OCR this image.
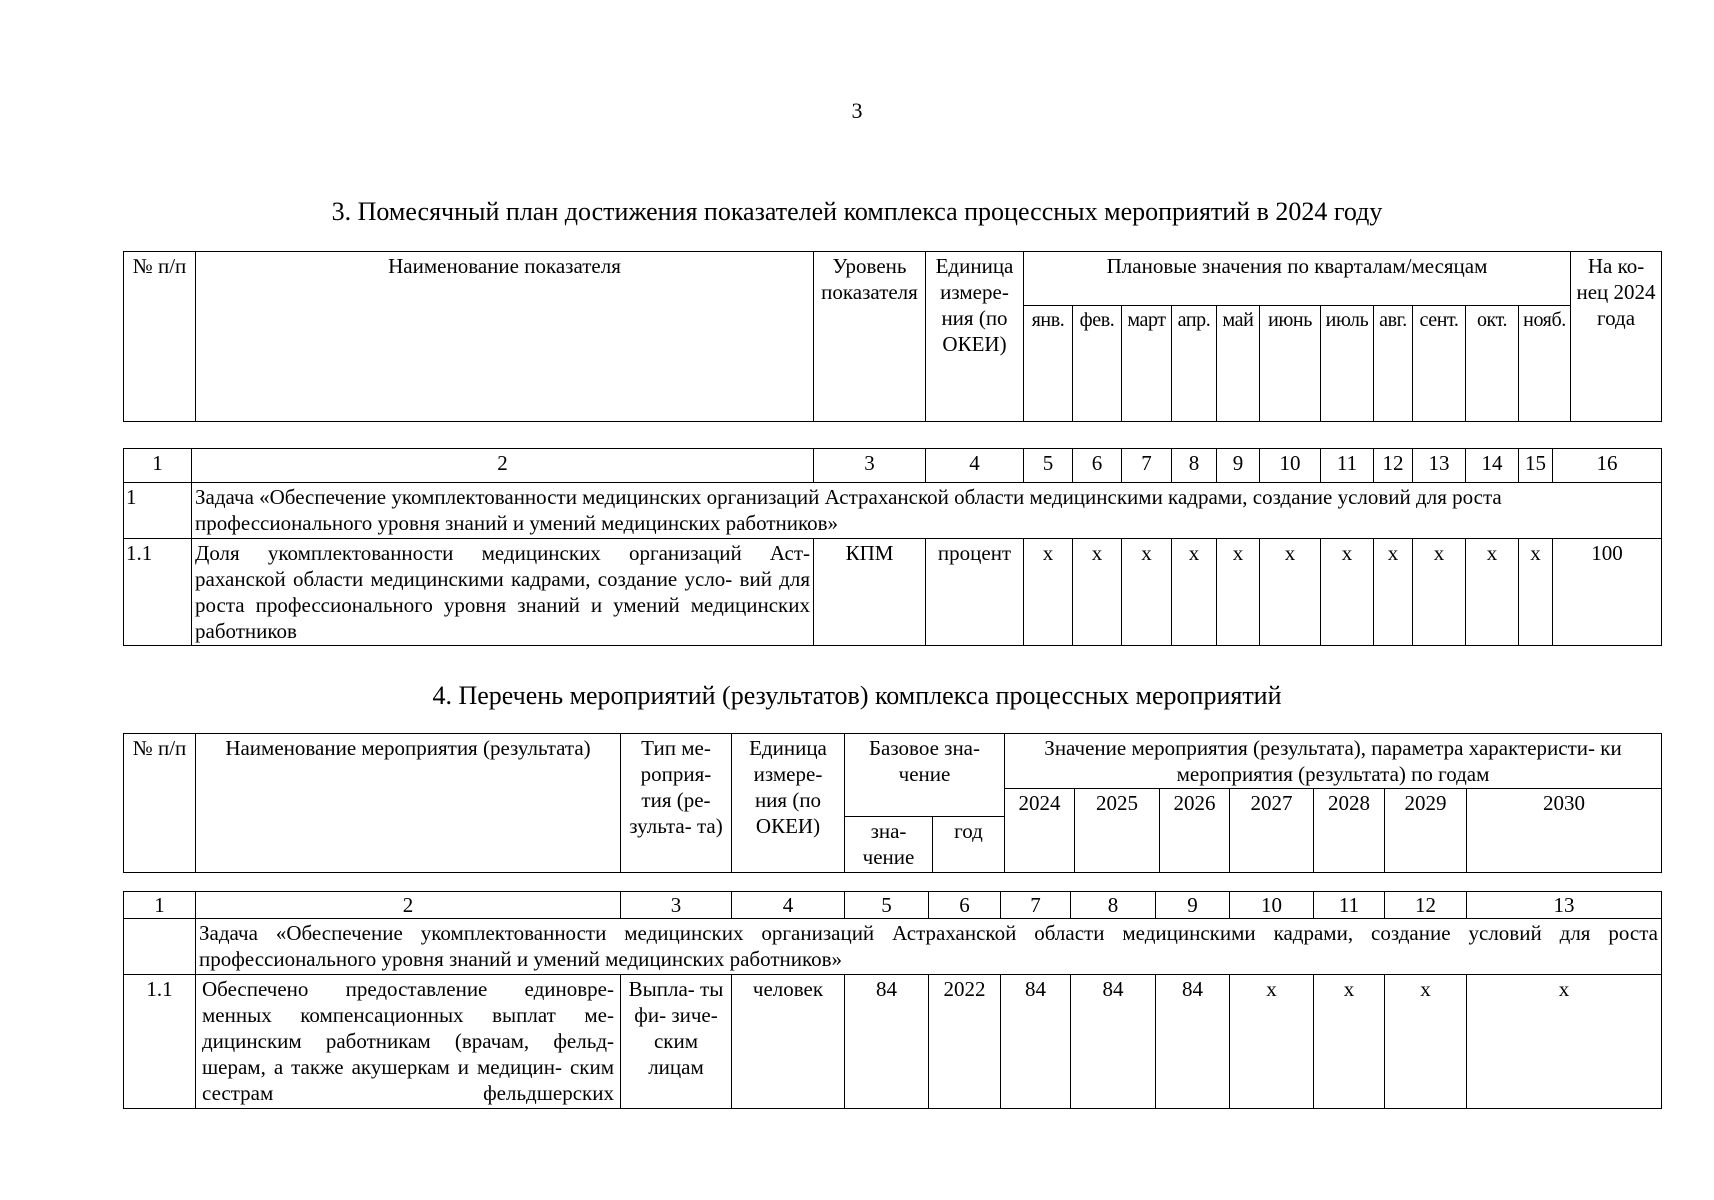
3
3. Помесячный план достижения показателей комплекса процессных мероприятий в 2024 году
№ п/п	Наименование показателя	Уровень показателя	Единица измере- ния (по ОКЕИ)	Плановые значения по кварталам/месяцам											На ко- нец 2024 года
				янв.	фев.	март	апр.	май	июнь	июль	авг.	сент.	окт.	нояб.	
1	2	3	4	5	6	7	8	9	10	11	12	13	14	15	16
1	Задача «Обеспечение укомплектованности медицинских организаций Астраханской области медицинскими кадрами, создание условий для роста профессионального уровня знаний и умений медицинских работников»														
1.1	Доля укомплектованности медицинских организаций Аст- раханской области медицинскими кадрами, создание усло- вий для роста профессионального уровня знаний и умений медицинских работников	КПМ	процент	x	x	x	x	x	x	x	x	x	x	x	100
4. Перечень мероприятий (результатов) комплекса процессных мероприятий
№ п/п	Наименование мероприятия (результата)	Тип ме- роприя- тия (ре- зульта- та)	Единица измере- ния (по ОКЕИ)	Базовое зна- чение		Значение мероприятия (результата), параметра характеристи- ки мероприятия (результата) по годам						
						2024	2025	2026	2027	2028	2029	2030
				зна- чение	год							
1	2	3	4	5	6	7	8	9	10	11	12	13
	Задача «Обеспечение укомплектованности медицинских организаций Астраханской области медицинскими кадрами, создание условий для роста профессионального уровня знаний и умений медицинских работников»											
1.1	Обеспечено предоставление единовре- менных компенсационных выплат ме- дицинским работникам (врачам, фельд- шерам, а также акушеркам и медицин- ским сестрам фельдшерских	Выпла- ты фи- зиче- ским лицам	человек	84	2022	84	84	84	x	x	x	x
